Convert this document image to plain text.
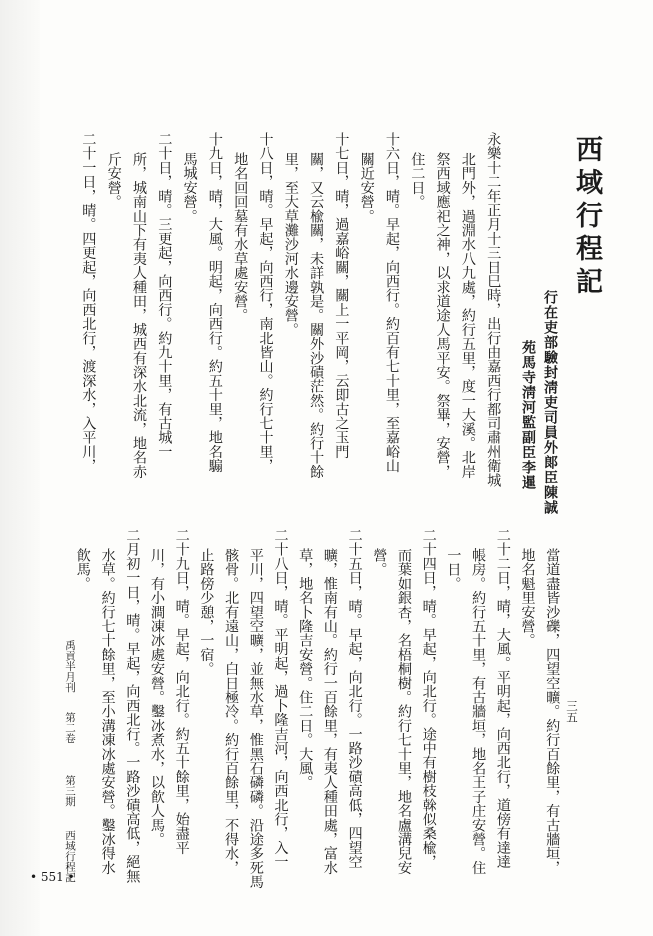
西域行程記
行在吏部驗封淸吏司員外郞臣陳誠
苑馬寺淸河監副臣李暹
永樂十二年正月十三日巳時，出行由嘉西行都司肅州衛城
北門外，過淵水八九處，約行五里，度一大溪。北岸
祭西域應祀之神，以求道途人馬平安。祭畢，安營，
住二日。
十六日，晴。早起，向西行。約百有七十里，至嘉峪山
關近安營。
十七日，晴，過嘉峪關，關上一平岡，云即古之玉門
關，又云楡關，未詳孰是。關外沙磧茫然。約行十餘
里，至大草灘沙河水邊安營。
十八日，晴。早起，向西行，南北皆山。約行七十里，
地名回回墓有水草處安營。
十九日，晴，大風。明起，向西行。約五十里，地名騸
馬城安營。
二十日，晴。三更起，向西行。約九十里，有古城一
所，城南山下有夷人種田，城西有深水北流，地名赤
斤安營。
二十一日，晴。四更起，向西北行，渡深水，入平川，
當道盡皆沙礫，四望空曠。約行百餘里，有古牆垣，
地名魁里安營。
二十二日，晴，大風。平明起，向西北行，道傍有達達
帳房。約行五十里，有古牆垣，地名王子庄安營。住
一日。
二十四日，晴。早起，向北行。途中有樹枝榦似桑楡，
而葉如銀杏，名梧桐樹。約行七十里，地名盧溝兒安
營。
二十五日，晴。早起，向北行。一路沙磧高低，四望空
曠，惟南有山。約行一百餘里，有夷人種田處，富水
草，地名卜隆吉安營。住二日。大風。
二十八日，晴。平明起，過卜隆吉河，向西北行，入一
平川，四望空曠，並無水草，惟黑石磷磷。沿途多死馬
骸骨。北有遠山，白日極冷。約行百餘里，不得水，
止路傍少憩，一宿。
二十九日，晴。早起，向北行。約五十餘里，始盡平
川，有小澗凍冰處安營。鑿冰煮水，以飮人馬。
二月初一日，晴。早起，向西北行。一路沙磧高低，絕無
水草。約行七十餘里，至小溝凍冰處安營。鑿冰得水
飮馬。
禹貢半月刊
第二卷
第三期
西域行程記
三五
• 551 •
